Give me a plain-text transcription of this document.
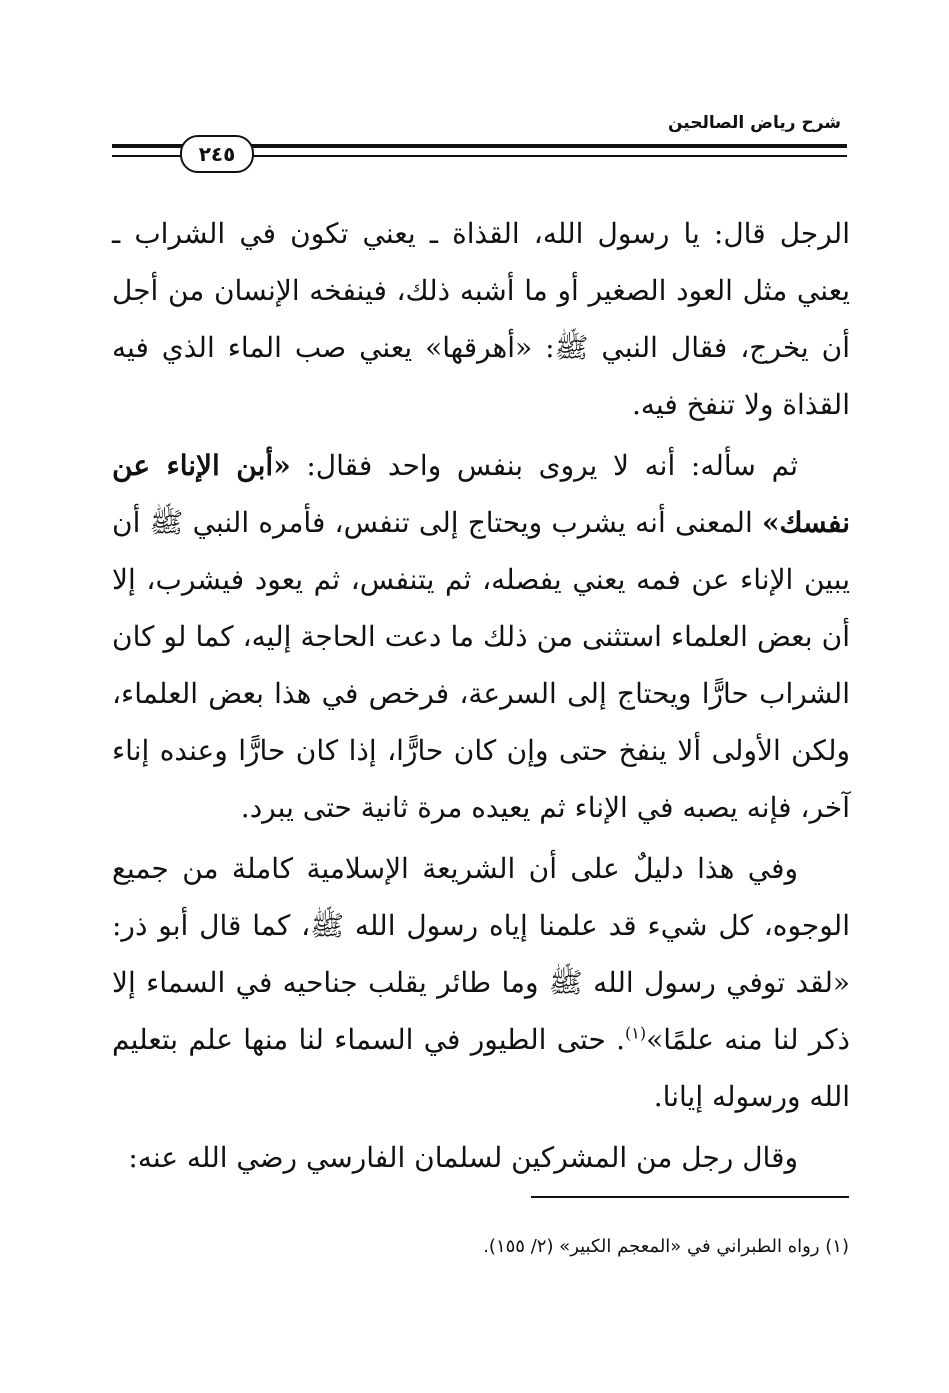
شرح رياض الصالحين
٢٤٥

الرجل قال: يا رسول الله، القذاة ـ يعني تكون في الشراب ـ يعني مثل العود الصغير أو ما أشبه ذلك، فينفخه الإنسان من أجل أن يخرج، فقال النبي ﷺ: «أهرقها» يعني صب الماء الذي فيه القذاة ولا تنفخ فيه.

ثم سأله: أنه لا يروى بنفس واحد فقال: «أبن الإناء عن نفسك» المعنى أنه يشرب ويحتاج إلى تنفس، فأمره النبي ﷺ أن يبين الإناء عن فمه يعني يفصله، ثم يتنفس، ثم يعود فيشرب، إلا أن بعض العلماء استثنى من ذلك ما دعت الحاجة إليه، كما لو كان الشراب حارًّا ويحتاج إلى السرعة، فرخص في هذا بعض العلماء، ولكن الأولى ألا ينفخ حتى وإن كان حارًّا، إذا كان حارًّا وعنده إناء آخر، فإنه يصبه في الإناء ثم يعيده مرة ثانية حتى يبرد.

وفي هذا دليلٌ على أن الشريعة الإسلامية كاملة من جميع الوجوه، كل شيء قد علمنا إياه رسول الله ﷺ، كما قال أبو ذر: «لقد توفي رسول الله ﷺ وما طائر يقلب جناحيه في السماء إلا ذكر لنا منه علمًا»$^{(١)}$. حتى الطيور في السماء لنا منها علم بتعليم الله ورسوله إيانا.

وقال رجل من المشركين لسلمان الفارسي رضي الله عنه:

(١) رواه الطبراني في «المعجم الكبير» (٢/ ١٥٥).
